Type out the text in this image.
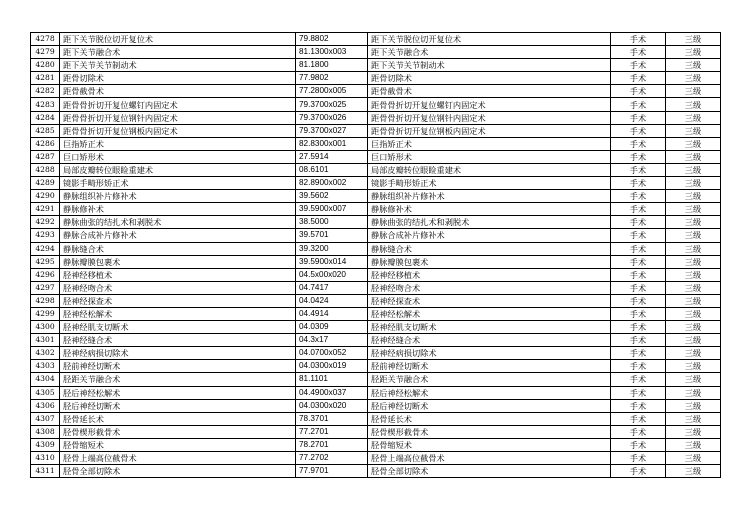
4278	距下关节脱位切开复位术	79.8802	距下关节脱位切开复位术	手术	三级
4279	距下关节融合术	81.1300x003	距下关节融合术	手术	三级
4280	距下关节关节制动术	81.1800	距下关节关节制动术	手术	三级
4281	距骨切除术	77.9802	距骨切除术	手术	三级
4282	距骨截骨术	77.2800x005	距骨截骨术	手术	三级
4283	距骨骨折切开复位螺钉内固定术	79.3700x025	距骨骨折切开复位螺钉内固定术	手术	三级
4284	距骨骨折切开复位钢针内固定术	79.3700x026	距骨骨折切开复位钢针内固定术	手术	三级
4285	距骨骨折切开复位钢板内固定术	79.3700x027	距骨骨折切开复位钢板内固定术	手术	三级
4286	巨指矫正术	82.8300x001	巨指矫正术	手术	三级
4287	巨口矫形术	27.5914	巨口矫形术	手术	三级
4288	局部皮瓣转位眼睑重建术	08.6101	局部皮瓣转位眼睑重建术	手术	三级
4289	镜影手畸形矫正术	82.8900x002	镜影手畸形矫正术	手术	三级
4290	静脉组织补片修补术	39.5602	静脉组织补片修补术	手术	三级
4291	静脉修补术	39.5900x007	静脉修补术	手术	三级
4292	静脉曲张的结扎术和剥脱术	38.5000	静脉曲张的结扎术和剥脱术	手术	三级
4293	静脉合成补片修补术	39.5701	静脉合成补片修补术	手术	三级
4294	静脉缝合术	39.3200	静脉缝合术	手术	三级
4295	静脉瓣膜包裹术	39.5900x014	静脉瓣膜包裹术	手术	三级
4296	胫神经移植术	04.5x00x020	胫神经移植术	手术	三级
4297	胫神经吻合术	04.7417	胫神经吻合术	手术	三级
4298	胫神经探查术	04.0424	胫神经探查术	手术	三级
4299	胫神经松解术	04.4914	胫神经松解术	手术	三级
4300	胫神经肌支切断术	04.0309	胫神经肌支切断术	手术	三级
4301	胫神经缝合术	04.3x17	胫神经缝合术	手术	三级
4302	胫神经病损切除术	04.0700x052	胫神经病损切除术	手术	三级
4303	胫前神经切断术	04.0300x019	胫前神经切断术	手术	三级
4304	胫距关节融合术	81.1101	胫距关节融合术	手术	三级
4305	胫后神经松解术	04.4900x037	胫后神经松解术	手术	三级
4306	胫后神经切断术	04.0300x020	胫后神经切断术	手术	三级
4307	胫骨延长术	78.3701	胫骨延长术	手术	三级
4308	胫骨楔形截骨术	77.2701	胫骨楔形截骨术	手术	三级
4309	胫骨缩短术	78.2701	胫骨缩短术	手术	三级
4310	胫骨上端高位截骨术	77.2702	胫骨上端高位截骨术	手术	三级
4311	胫骨全部切除术	77.9701	胫骨全部切除术	手术	三级
